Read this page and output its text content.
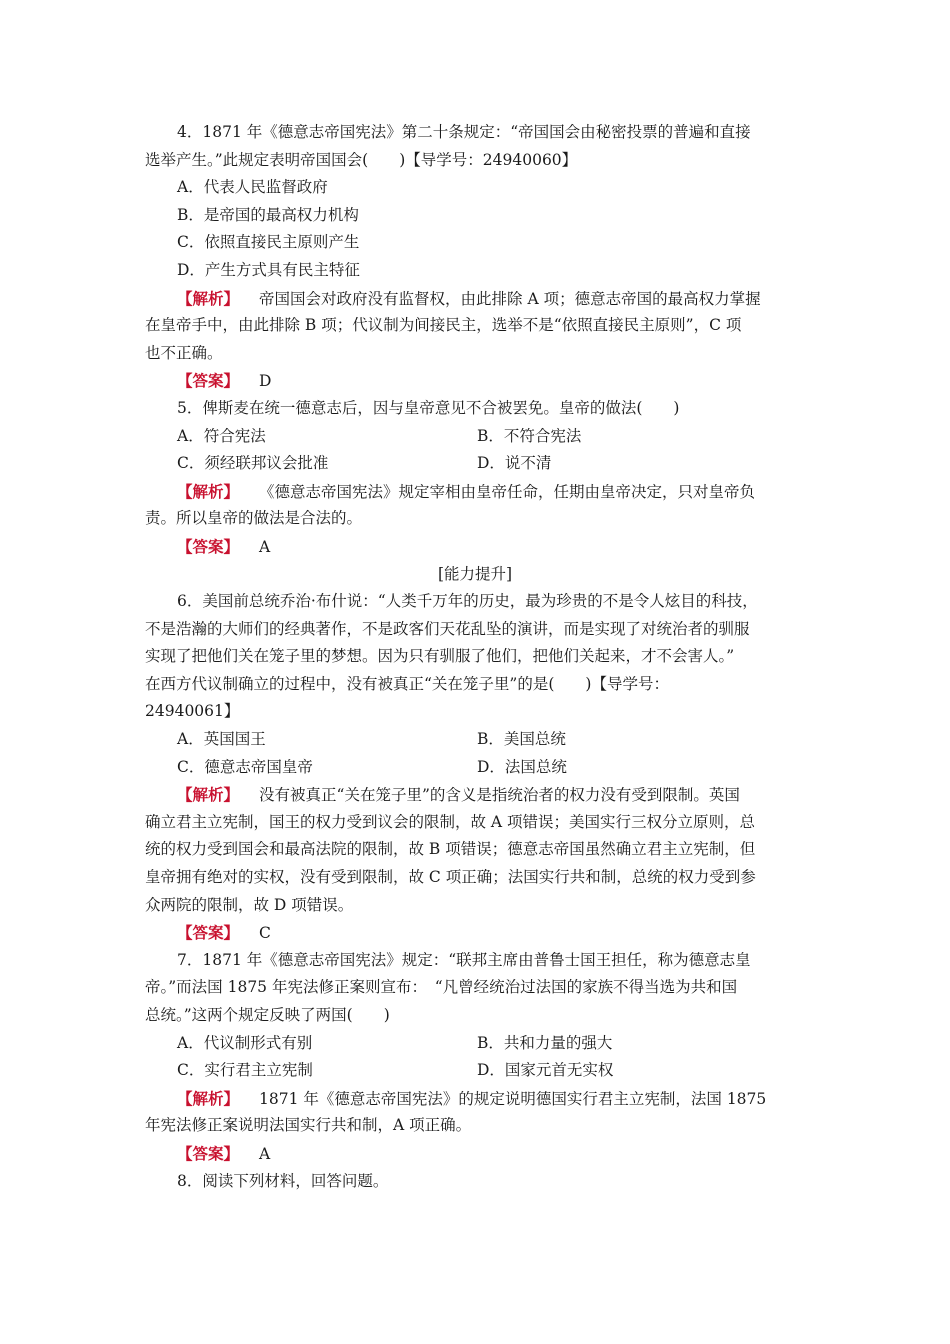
4．1871 年《德意志帝国宪法》第二十条规定：“帝国国会由秘密投票的普遍和直接
选举产生。”此规定表明帝国国会(　　)【导学号：24940060】
A．代表人民监督政府
B．是帝国的最高权力机构
C．依照直接民主原则产生
D．产生方式具有民主特征
【解析】 帝国国会对政府没有监督权，由此排除 A 项；德意志帝国的最高权力掌握
在皇帝手中，由此排除 B 项；代议制为间接民主，选举不是“依照直接民主原则”，C 项
也不正确。
【答案】 D
5．俾斯麦在统一德意志后，因与皇帝意见不合被罢免。皇帝的做法(　　)
A．符合宪法	B．不符合宪法
C．须经联邦议会批准	D．说不清
【解析】 《德意志帝国宪法》规定宰相由皇帝任命，任期由皇帝决定，只对皇帝负
责。所以皇帝的做法是合法的。
【答案】 A
[能力提升]
6．美国前总统乔治·布什说：“人类千万年的历史，最为珍贵的不是令人炫目的科技，
不是浩瀚的大师们的经典著作，不是政客们天花乱坠的演讲，而是实现了对统治者的驯服
实现了把他们关在笼子里的梦想。因为只有驯服了他们，把他们关起来，才不会害人。”
在西方代议制确立的过程中，没有被真正“关在笼子里”的是(　　)【导学号：
24940061】
A．英国国王	B．美国总统
C．德意志帝国皇帝	D．法国总统
【解析】 没有被真正“关在笼子里”的含义是指统治者的权力没有受到限制。英国
确立君主立宪制，国王的权力受到议会的限制，故 A 项错误；美国实行三权分立原则，总
统的权力受到国会和最高法院的限制，故 B 项错误；德意志帝国虽然确立君主立宪制，但
皇帝拥有绝对的实权，没有受到限制，故 C 项正确；法国实行共和制，总统的权力受到参
众两院的限制，故 D 项错误。
【答案】 C
7．1871 年《德意志帝国宪法》规定：“联邦主席由普鲁士国王担任，称为德意志皇
帝。”而法国 1875 年宪法修正案则宣布：　“凡曾经统治过法国的家族不得当选为共和国
总统。”这两个规定反映了两国(　　)
A．代议制形式有别	B．共和力量的强大
C．实行君主立宪制	D．国家元首无实权
【解析】 1871 年《德意志帝国宪法》的规定说明德国实行君主立宪制，法国 1875
年宪法修正案说明法国实行共和制，A 项正确。
【答案】 A
8．阅读下列材料，回答问题。
